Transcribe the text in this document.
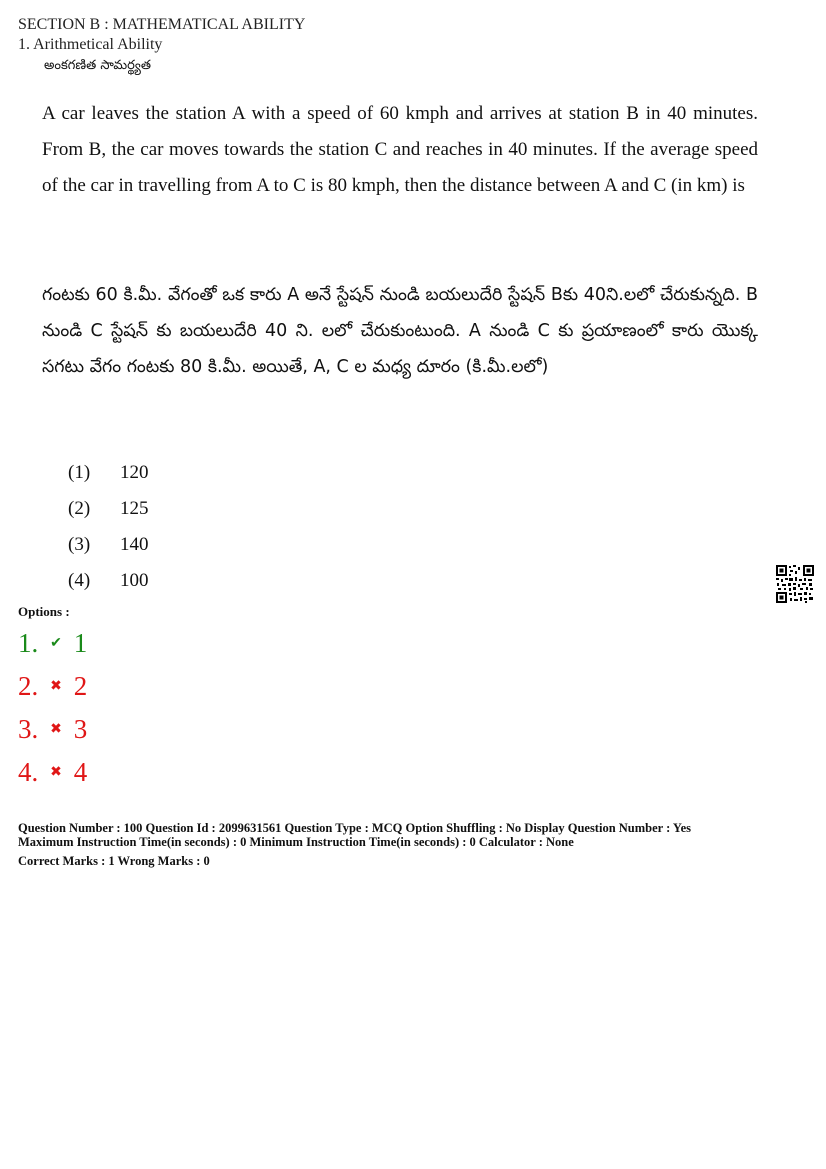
SECTION B : MATHEMATICAL ABILITY
1. Arithmetical Ability
అంకగణిత సామర్థ్యత
A car leaves the station A with a speed of 60 kmph and arrives at station B in 40 minutes. From B, the car moves towards the station C and reaches in 40 minutes. If the average speed of the car in travelling from A to C is 80 kmph, then the distance between A and C (in km) is
గంటకు 60 కి.మీ. వేగంతో ఒక కారు A అనే స్టేషన్ నుండి బయలుదేరి స్టేషన్ Bకు 40ని.లలో చేరుకున్నది. B నుండి C స్టేషన్ కు బయలుదేరి 40 ని. లలో చేరుకుంటుంది. A నుండి C కు ప్రయాణంలో కారు యొక్క సగటు వేగం గంటకు 80 కి.మీ. అయితే, A, C ల మధ్య దూరం (కి.మీ.లలో)
(1) 120
(2) 125
(3) 140
(4) 100
Options :
1. ✔ 1
2. ✖ 2
3. ✖ 3
4. ✖ 4
Question Number : 100 Question Id : 2099631561 Question Type : MCQ Option Shuffling : No Display Question Number : Yes
Maximum Instruction Time(in seconds) : 0 Minimum Instruction Time(in seconds) : 0 Calculator : None
Correct Marks : 1 Wrong Marks : 0
